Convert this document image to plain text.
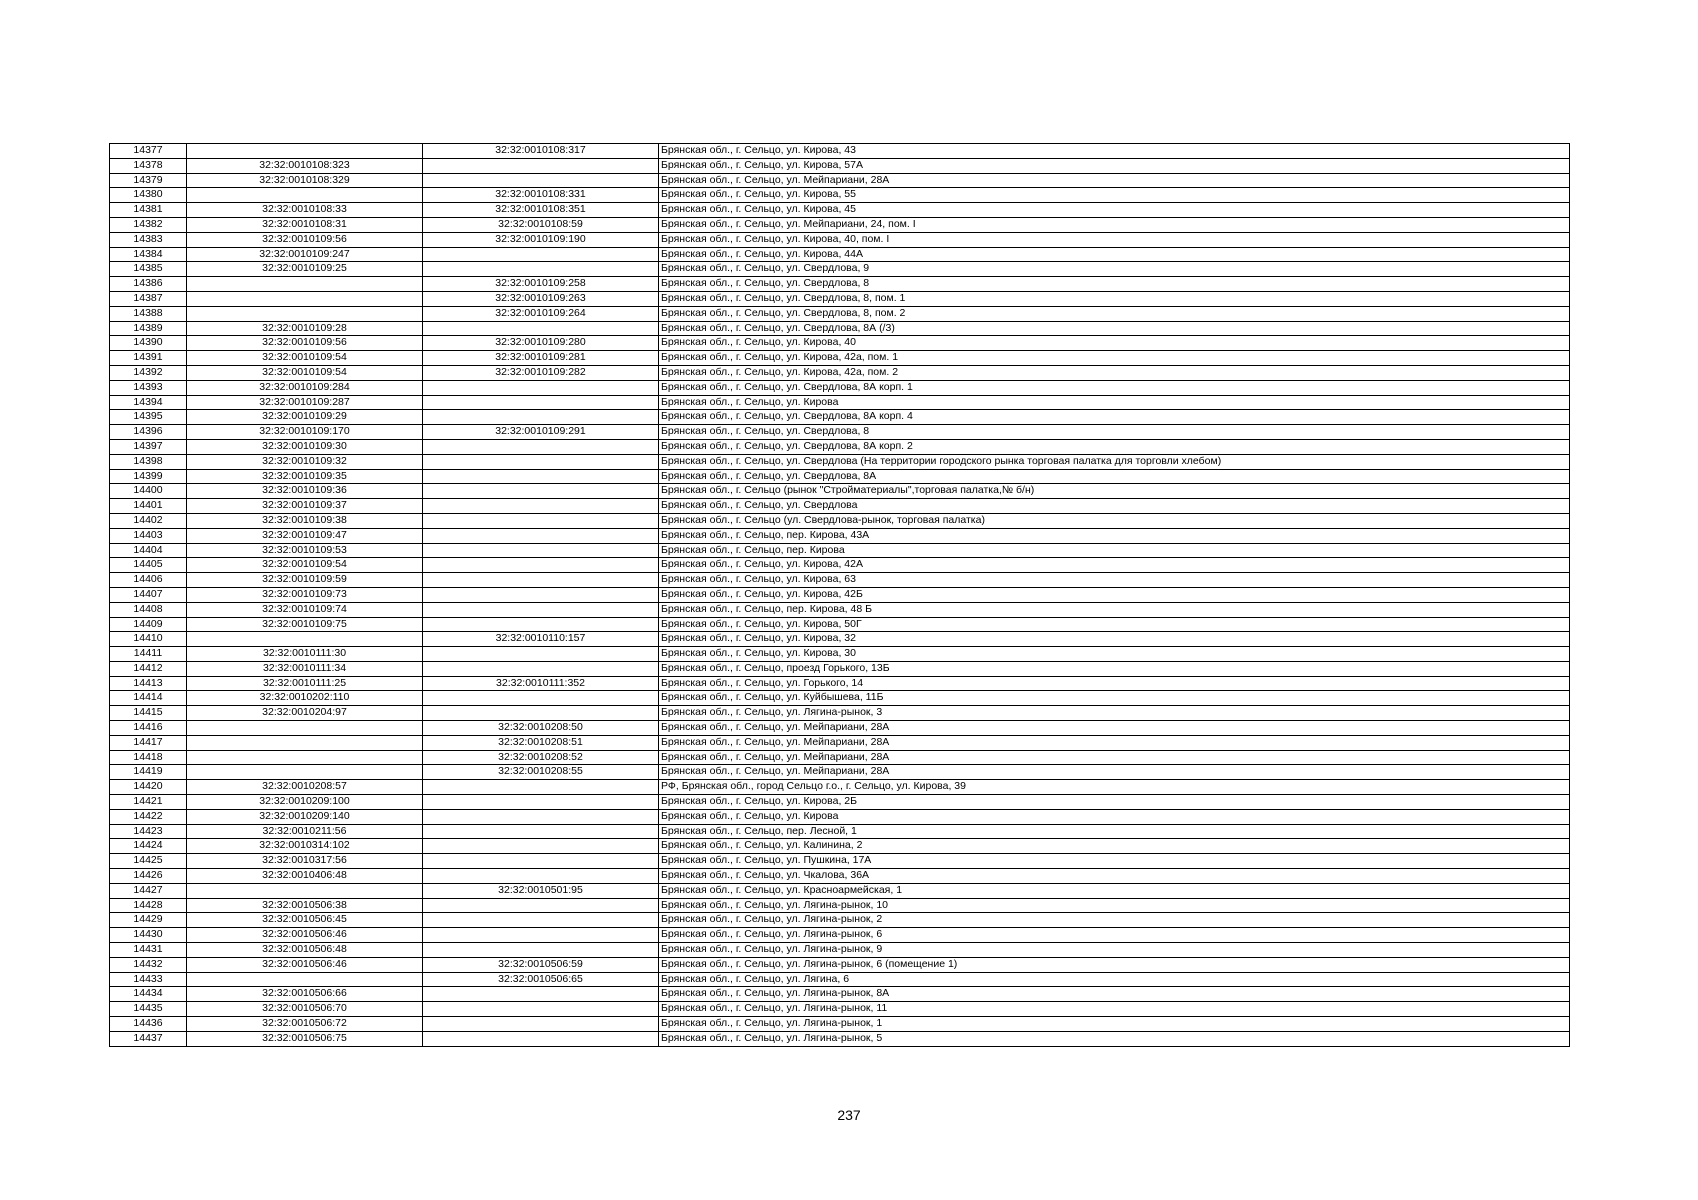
14377		32:32:0010108:317	Брянская обл., г. Сельцо, ул. Кирова, 43
14378	32:32:0010108:323		Брянская обл., г. Сельцо, ул. Кирова, 57А
14379	32:32:0010108:329		Брянская обл., г. Сельцо, ул. Мейпариани, 28А
14380		32:32:0010108:331	Брянская обл., г. Сельцо, ул. Кирова, 55
14381	32:32:0010108:33	32:32:0010108:351	Брянская обл., г. Сельцо, ул. Кирова, 45
14382	32:32:0010108:31	32:32:0010108:59	Брянская обл., г. Сельцо, ул. Мейпариани, 24, пом. I
14383	32:32:0010109:56	32:32:0010109:190	Брянская обл., г. Сельцо, ул. Кирова, 40, пом. I
14384	32:32:0010109:247		Брянская обл., г. Сельцо, ул. Кирова, 44А
14385	32:32:0010109:25		Брянская обл., г. Сельцо, ул. Свердлова, 9
14386		32:32:0010109:258	Брянская обл., г. Сельцо, ул. Свердлова, 8
14387		32:32:0010109:263	Брянская обл., г. Сельцо, ул. Свердлова, 8, пом. 1
14388		32:32:0010109:264	Брянская обл., г. Сельцо, ул. Свердлова, 8, пом. 2
14389	32:32:0010109:28		Брянская обл., г. Сельцо, ул. Свердлова, 8А (/3)
14390	32:32:0010109:56	32:32:0010109:280	Брянская обл., г. Сельцо, ул. Кирова, 40
14391	32:32:0010109:54	32:32:0010109:281	Брянская обл., г. Сельцо, ул. Кирова, 42а, пом. 1
14392	32:32:0010109:54	32:32:0010109:282	Брянская обл., г. Сельцо, ул. Кирова, 42а, пом. 2
14393	32:32:0010109:284		Брянская обл., г. Сельцо, ул. Свердлова, 8А корп. 1
14394	32:32:0010109:287		Брянская обл., г. Сельцо, ул. Кирова
14395	32:32:0010109:29		Брянская обл., г. Сельцо, ул. Свердлова, 8А корп. 4
14396	32:32:0010109:170	32:32:0010109:291	Брянская обл., г. Сельцо, ул. Свердлова, 8
14397	32:32:0010109:30		Брянская обл., г. Сельцо, ул. Свердлова, 8А корп. 2
14398	32:32:0010109:32		Брянская обл., г. Сельцо, ул. Свердлова (На территории городского рынка торговая палатка для торговли хлебом)
14399	32:32:0010109:35		Брянская обл., г. Сельцо, ул. Свердлова, 8А
14400	32:32:0010109:36		Брянская обл., г. Сельцо (рынок "Стройматериалы",торговая палатка,№ б/н)
14401	32:32:0010109:37		Брянская обл., г. Сельцо, ул. Свердлова
14402	32:32:0010109:38		Брянская обл., г. Сельцо (ул. Свердлова-рынок, торговая палатка)
14403	32:32:0010109:47		Брянская обл., г. Сельцо, пер. Кирова, 43А
14404	32:32:0010109:53		Брянская обл., г. Сельцо, пер. Кирова
14405	32:32:0010109:54		Брянская обл., г. Сельцо, ул. Кирова, 42А
14406	32:32:0010109:59		Брянская обл., г. Сельцо, ул. Кирова, 63
14407	32:32:0010109:73		Брянская обл., г. Сельцо, ул. Кирова, 42Б
14408	32:32:0010109:74		Брянская обл., г. Сельцо, пер. Кирова, 48 Б
14409	32:32:0010109:75		Брянская обл., г. Сельцо, ул. Кирова, 50Г
14410		32:32:0010110:157	Брянская обл., г. Сельцо, ул. Кирова, 32
14411	32:32:0010111:30		Брянская обл., г. Сельцо, ул. Кирова, 30
14412	32:32:0010111:34		Брянская обл., г. Сельцо, проезд Горького, 13Б
14413	32:32:0010111:25	32:32:0010111:352	Брянская обл., г. Сельцо, ул. Горького, 14
14414	32:32:0010202:110		Брянская обл., г. Сельцо, ул. Куйбышева, 11Б
14415	32:32:0010204:97		Брянская обл., г. Сельцо, ул. Лягина-рынок, 3
14416		32:32:0010208:50	Брянская обл., г. Сельцо, ул. Мейпариани, 28А
14417		32:32:0010208:51	Брянская обл., г. Сельцо, ул. Мейпариани, 28А
14418		32:32:0010208:52	Брянская обл., г. Сельцо, ул. Мейпариани, 28А
14419		32:32:0010208:55	Брянская обл., г. Сельцо, ул. Мейпариани, 28А
14420	32:32:0010208:57		РФ, Брянская обл., город Сельцо г.о., г. Сельцо, ул. Кирова, 39
14421	32:32:0010209:100		Брянская обл., г. Сельцо, ул. Кирова, 2Б
14422	32:32:0010209:140		Брянская обл., г. Сельцо, ул. Кирова
14423	32:32:0010211:56		Брянская обл., г. Сельцо, пер. Лесной, 1
14424	32:32:0010314:102		Брянская обл., г. Сельцо, ул. Калинина, 2
14425	32:32:0010317:56		Брянская обл., г. Сельцо, ул. Пушкина, 17А
14426	32:32:0010406:48		Брянская обл., г. Сельцо, ул. Чкалова, 36А
14427		32:32:0010501:95	Брянская обл., г. Сельцо, ул. Красноармейская, 1
14428	32:32:0010506:38		Брянская обл., г. Сельцо, ул. Лягина-рынок, 10
14429	32:32:0010506:45		Брянская обл., г. Сельцо, ул. Лягина-рынок, 2
14430	32:32:0010506:46		Брянская обл., г. Сельцо, ул. Лягина-рынок, 6
14431	32:32:0010506:48		Брянская обл., г. Сельцо, ул. Лягина-рынок, 9
14432	32:32:0010506:46	32:32:0010506:59	Брянская обл., г. Сельцо, ул. Лягина-рынок, 6 (помещение 1)
14433		32:32:0010506:65	Брянская обл., г. Сельцо, ул. Лягина, 6
14434	32:32:0010506:66		Брянская обл., г. Сельцо, ул. Лягина-рынок, 8А
14435	32:32:0010506:70		Брянская обл., г. Сельцо, ул. Лягина-рынок, 11
14436	32:32:0010506:72		Брянская обл., г. Сельцо, ул. Лягина-рынок, 1
14437	32:32:0010506:75		Брянская обл., г. Сельцо, ул. Лягина-рынок, 5
237
